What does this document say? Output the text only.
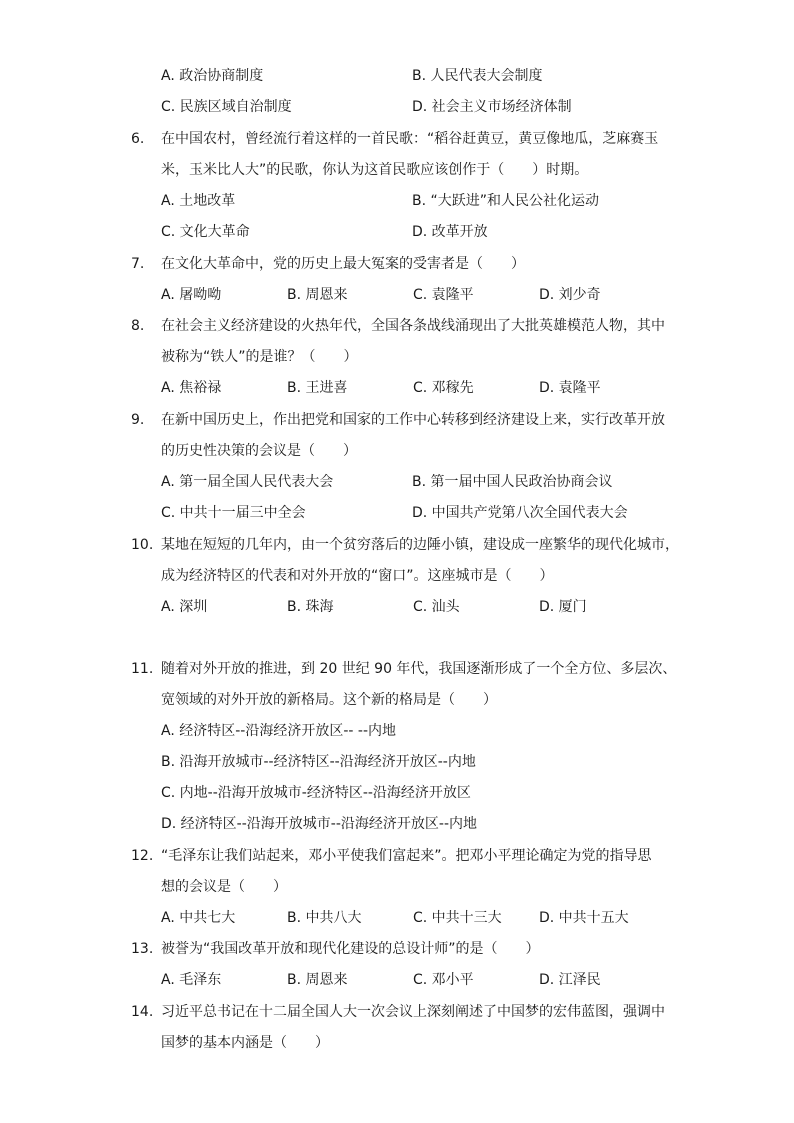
A. 政治协商制度	B. 人民代表大会制度
C. 民族区域自治制度	D. 社会主义市场经济体制
6.	在中国农村，曾经流行着这样的一首民歌：“稻谷赶黄豆，黄豆像地瓜，芝麻赛玉
米，玉米比人大”的民歌，你认为这首民歌应该创作于（　　）时期。
A. 土地改革	B. “大跃进”和人民公社化运动
C. 文化大革命	D. 改革开放
7.	在文化大革命中，党的历史上最大冤案的受害者是（　　）
A. 屠呦呦	B. 周恩来	C. 袁隆平	D. 刘少奇
8.	在社会主义经济建设的火热年代，全国各条战线涌现出了大批英雄模范人物，其中
被称为“铁人”的是谁？（　　）
A. 焦裕禄	B. 王进喜	C. 邓稼先	D. 袁隆平
9.	在新中国历史上，作出把党和国家的工作中心转移到经济建设上来，实行改革开放
的历史性决策的会议是（　　）
A. 第一届全国人民代表大会	B. 第一届中国人民政治协商会议
C. 中共十一届三中全会	D. 中国共产党第八次全国代表大会
10. 某地在短短的几年内，由一个贫穷落后的边陲小镇，建设成一座繁华的现代化城市，
成为经济特区的代表和对外开放的“窗口”。这座城市是（　　）
A. 深圳	B. 珠海	C. 汕头	D. 厦门
11. 随着对外开放的推进，到 20 世纪 90 年代，我国逐渐形成了一个全方位、多层次、
宽领域的对外开放的新格局。这个新的格局是（　　）
A. 经济特区--沿海经济开放区-- --内地
B. 沿海开放城市--经济特区--沿海经济开放区--内地
C. 内地--沿海开放城市-经济特区--沿海经济开放区
D. 经济特区--沿海开放城市--沿海经济开放区--内地
12. “毛泽东让我们站起来，邓小平使我们富起来”。把邓小平理论确定为党的指导思
想的会议是（　　）
A. 中共七大	B. 中共八大	C. 中共十三大	D. 中共十五大
13. 被誉为“我国改革开放和现代化建设的总设计师”的是（　　）
A. 毛泽东	B. 周恩来	C. 邓小平	D. 江泽民
14. 习近平总书记在十二届全国人大一次会议上深刻阐述了中国梦的宏伟蓝图，强调中
国梦的基本内涵是（　　）
